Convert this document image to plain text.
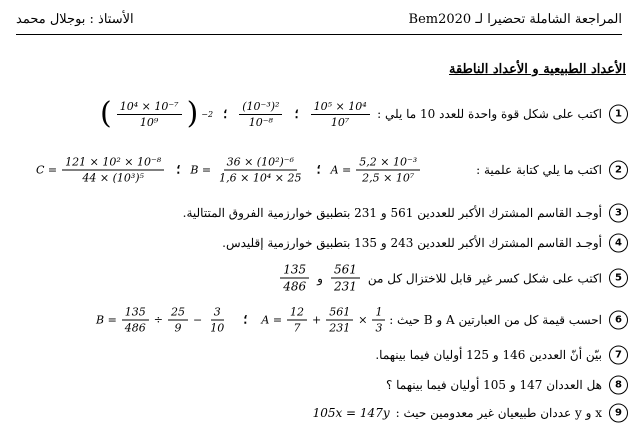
المراجعة الشاملة تحضيرا لـ Bem2020
الأستاذ : بوجلال محمد
الأعداد الطبيعية و الأعداد الناطقة
1
اكتب على شكل قوة واحدة للعدد 10 ما يلي :
( $\frac{\text{10⁴ × 10⁻⁷}}{\text{10⁹}}$ ) −2 ؛ $\frac{\text{(10⁻³)²}}{\text{10⁻⁸}}$ ؛ $\frac{\text{10⁵ × 10⁴}}{\text{10⁷}}$
2
اكتب ما يلي كتابة علمية :
$C = \frac{\text{121 × 10² × 10⁻⁸}}{\text{44 × (10³)⁵}}$ ؛ $B = \frac{\text{36 × (10²)⁻⁶}}{\text{1,6 × 10⁴ × 25}}$ ؛ $A = \frac{\text{5,2 × 10⁻³}}{\text{2,5 × 10⁷}}$
3
أوجـد القاسم المشترك الأكبر للعددين 561 و 231 بتطبيق خوارزمية الفروق المتتالية.
4
أوجـد القاسم المشترك الأكبر للعددين 243 و 135 بتطبيق خوارزمية إقليدس.
5
اكتب على شكل كسر غير قابل للاختزال كل من
$\frac{561}{231}$
و
$\frac{135}{486}$
6
احسب قيمة كل من العبارتين A و B حيث :
$B = \frac{135}{486} \div \frac{25}{9} - \frac{3}{10}$ ؛ $A = \frac{12}{7} + \frac{561}{231} \times \frac{1}{3}$
7
بيّن أنّ العددين 146 و 125 أوليان فيما بينهما.
8
هل العددان 147 و 105 أوليان فيما بينهما ؟
9
x و y عددان طبيعيان غير معدومين حيث :
105x = 147y
